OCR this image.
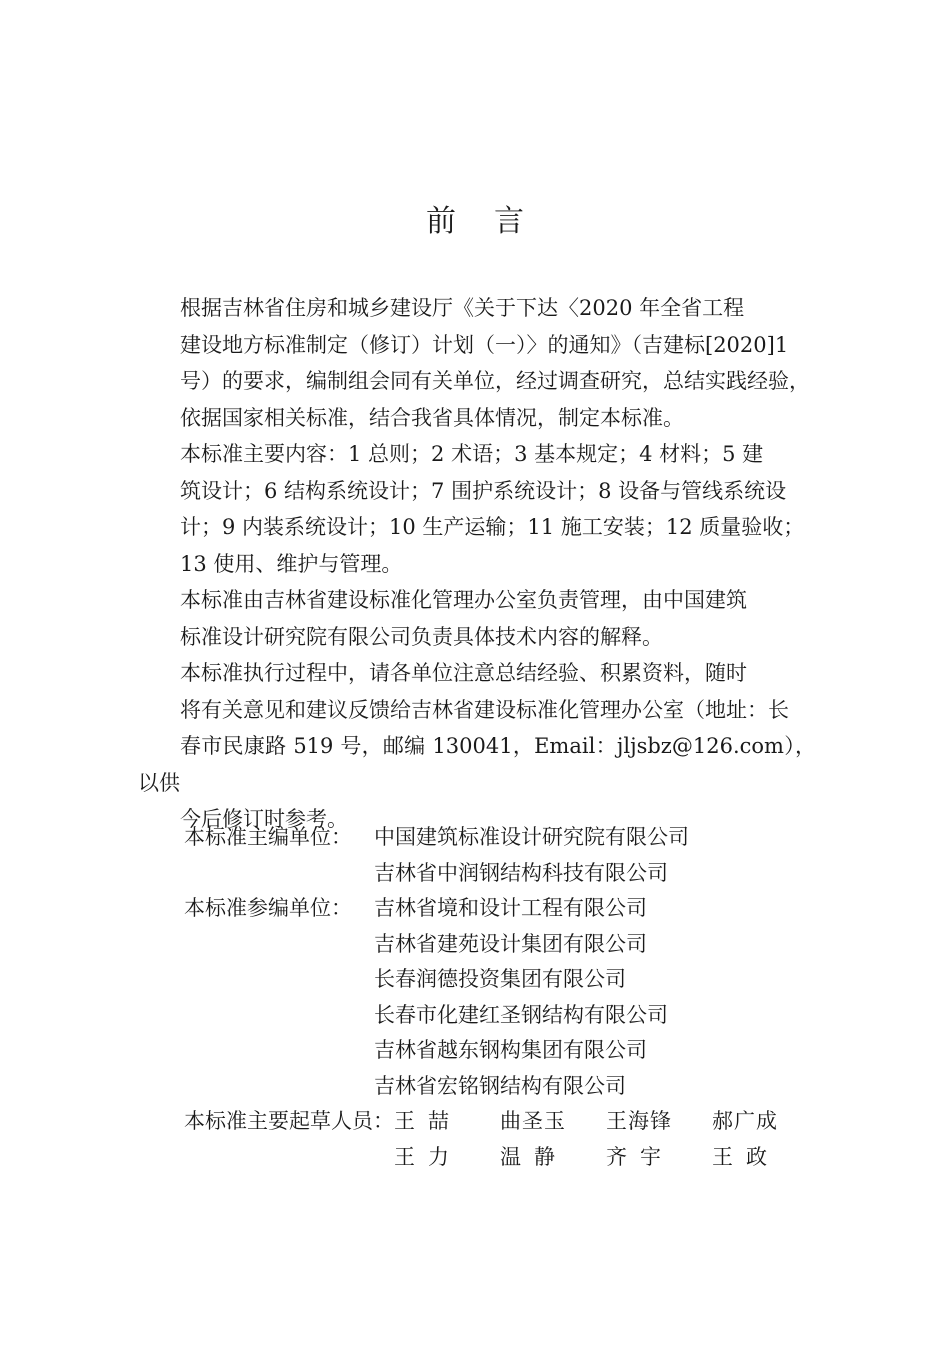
前言

根据吉林省住房和城乡建设厅《关于下达〈2020 年全省工程
建设地方标准制定（修订）计划（一）〉的通知》（吉建标[2020]1
号）的要求，编制组会同有关单位，经过调查研究，总结实践经验，
依据国家相关标准，结合我省具体情况，制定本标准。

本标准主要内容：1 总则；2 术语；3 基本规定；4 材料；5 建
筑设计；6 结构系统设计；7 围护系统设计；8 设备与管线系统设
计；9 内装系统设计；10 生产运输；11 施工安装；12 质量验收；
13 使用、维护与管理。

本标准由吉林省建设标准化管理办公室负责管理，由中国建筑
标准设计研究院有限公司负责具体技术内容的解释。

本标准执行过程中，请各单位注意总结经验、积累资料，随时
将有关意见和建议反馈给吉林省建设标准化管理办公室（地址：长
春市民康路 519 号，邮编 130041，Email：jljsbz@126.com），以供
今后修订时参考。

本标准主编单位：	中国建筑标准设计研究院有限公司
吉林省中润钢结构科技有限公司
本标准参编单位：	吉林省境和设计工程有限公司
吉林省建苑设计集团有限公司
长春润德投资集团有限公司
长春市化建红圣钢结构有限公司
吉林省越东钢构集团有限公司
吉林省宏铭钢结构有限公司
本标准主要起草人员： 王喆	曲圣玉	王海锋	郝广成
王力	温静	齐宇	王政
